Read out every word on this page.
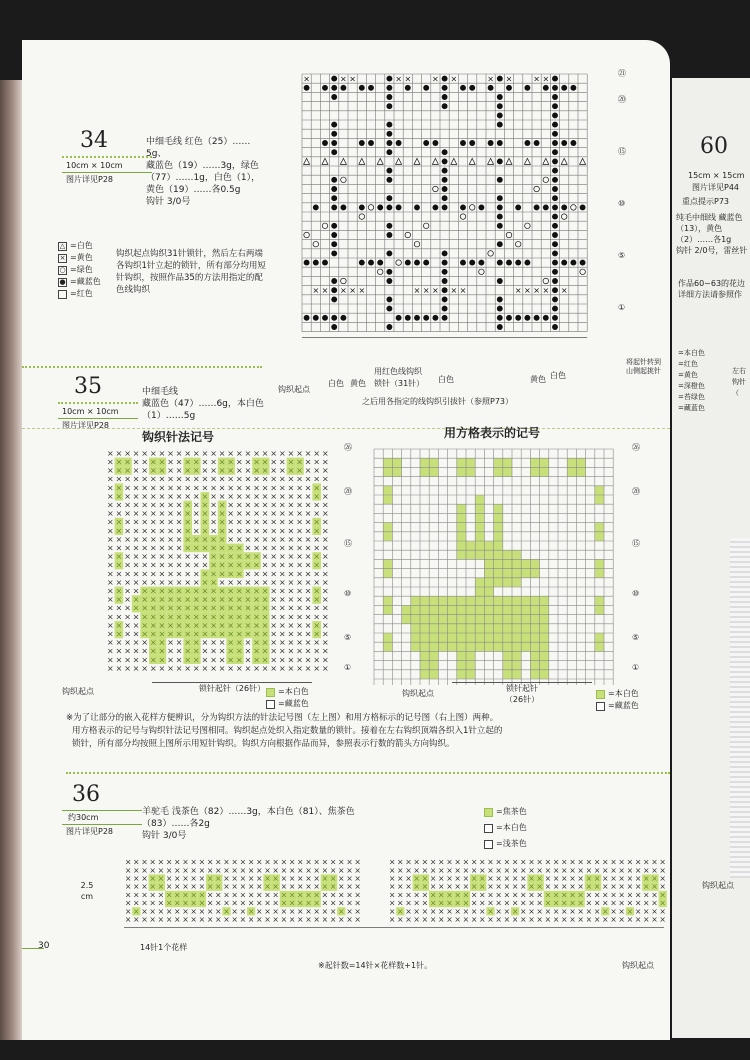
34
10cm × 10cm
图片详见P28
中细毛线 红色（25）……5g、
藏蓝色（19）……3g，绿色
（77）……1g，白色（1），
黄色（19）……各0.5g
钩针 3/0号
△ =白色
× =黄色
○ =绿色
● =藏蓝色
=红色
钩织起点钩织31针锁针，然后左右两端
各钩织1针立起的锁针，所有部分均用短
针钩织，按照作品35的方法用指定的配
色线钩织
×	× ×	× ×	× ×	× ×	× ×
× × × × ×	× × × × ×	× × × × ×
㉑
⑳
⑮
⑩
⑤
①
将起针转到
山侧起挑针
钩织起点
白色 黄色
用红色线钩织
锁针（31针） 白色	黄色 白色
之后用各指定的线钩织引拔针（参照P73）
35	中细毛线
藏蓝色（47）……6g，本白色
（1）……5g
10cm × 10cm
图片详见P28
钩织针法记号	用方格表示的记号
× × × × × × × × × × × × × × × × × × × × × × × × × ×
× × × × × × × × × × × × × × × × × × × × × × × × × ×
× × × × × × × × × × × × × × × × × × × × × × × × × ×
× × × × × × × × × × × × × × × × × × × × × × × × × ×
× × × × × × × × × × × × × × × × × × × × × × × × × ×
× × × × × × × × × × × × × × × × × × × × × × × × × ×
× × × × × × × × × × × × × × × × × × × × × × × × × ×
× × × × × × × × × × × × × × × × × × × × × × × × × ×
× × × × × × × × × × × × × × × × × × × × × × × × × ×
× × × × × × × × × × × × × × × × × × × × × × × × × ×
× × × × × × × × × × × × × × × × × × × × × × × × × ×
× × × × × × × × × × × × × × × × × × × × × × × × × ×
× × × × × × × × × × × × × × × × × × × × × × × × × ×
× × × × × × × × × × × × × × × × × × × × × × × × × ×
× × × × × × × × × × × × × × × × × × × × × × × × × ×
× × × × × × × × × × × × × × × × × × × × × × × × × ×
× × × × × × × × × × × × × × × × × × × × × × × × × ×
× × × × × × × × × × × × × × × × × × × × × × × × × ×
× × × × × × × × × × × × × × × × × × × × × × × × × ×
× × × × × × × × × × × × × × × × × × × × × × × × × ×
× × × × × × × × × × × × × × × × × × × × × × × × × ×
× × × × × × × × × × × × × × × × × × × × × × × × × ×
× × × × × × × × × × × × × × × × × × × × × × × × × ×
× × × × × × × × × × × × × × × × × × × × × × × × × ×
× × × × × × × × × × × × × × × × × × × × × × × × × ×
× × × × × × × × × × × × × × × × × × × × × × × × × ×
㉖
⑳
⑮
⑩
⑤
①
㉖
⑳
⑮
⑩
⑤
①
锁针起针（26针）
钩织起点	钩织起点
锁针起针
（26针）
=本白色
=藏蓝色
=本白色
=藏蓝色
※为了让部分的嵌入花样方便辨识，分为钩织方法的针法记号图（左上图）和用方格标示的记号图（右上图）两种。
用方格表示的记号与钩织针法记号图相同。钩织起点处织入指定数量的锁针。接着在左右钩织顶端各织入1针立起的
锁针，所有部分均按照上图所示用短针钩织。钩织方向根据作品而异，参照表示行数的箭头方向钩织。
36
约30cm
图片详见P28
羊驼毛 浅茶色（82）……3g，本白色（81）、焦茶色
（83）……各2g
钩针 3/0号
=焦茶色
=本白色
=浅茶色
2.5 cm
× × × × × × × × × × × × × × × × × × × × × × × × × × × × ×
× × × × × × × × × × × × × × × × × × × × × × × × × × × × ×
× × × × × × × × × × × × × × × × × × × × × × × × × × × × ×
× × × × × × × × × × × × × × × × × × × × × × × × × × × × ×
× × × × × × × × × × × × × × × × × × × × × × × × × × × × ×
× × × × × × × × × × × × × × × × × × × × × × × × × × × × ×
× × × × × × × × × × × × × × × × × × × × × × × × × × × × ×
× × × × × × × × × × × × × × × × × × × × × × × × × × × × ×
× × × × × × × × × × × × × × × × × × × × × × × × × × × × × × × × × ×
× × × × × × × × × × × × × × × × × × × × × × × × × × × × × × × × × ×
× × × × × × × × × × × × × × × × × × × × × × × × × × × × × × × × × ×
× × × × × × × × × × × × × × × × × × × × × × × × × × × × × × × × × ×
× × × × × × × × × × × × × × × × × × × × × × × × × × × × × × × × × ×
× × × × × × × × × × × × × × × × × × × × × × × × × × × × × × × × × ×
× × × × × × × × × × × × × × × × × × × × × × × × × × × × × × × × × ×
× × × × × × × × × × × × × × × × × × × × × × × × × × × × × × × × × ×
14针1个花样
※起针数=14针×花样数+1针。	钩织起点
30
60
15cm × 15cm
图片详见P44
重点提示P73
纯毛中细线 藏蓝色
（13），黄色
（2）……各1g
钩针 2/0号，雷丝针
作品60~63的花边
详细方法请参照作
=本白色
=红色
=黄色
=深橙色
=苔绿色
=藏蓝色
左右
钩针
（
钩织起点
